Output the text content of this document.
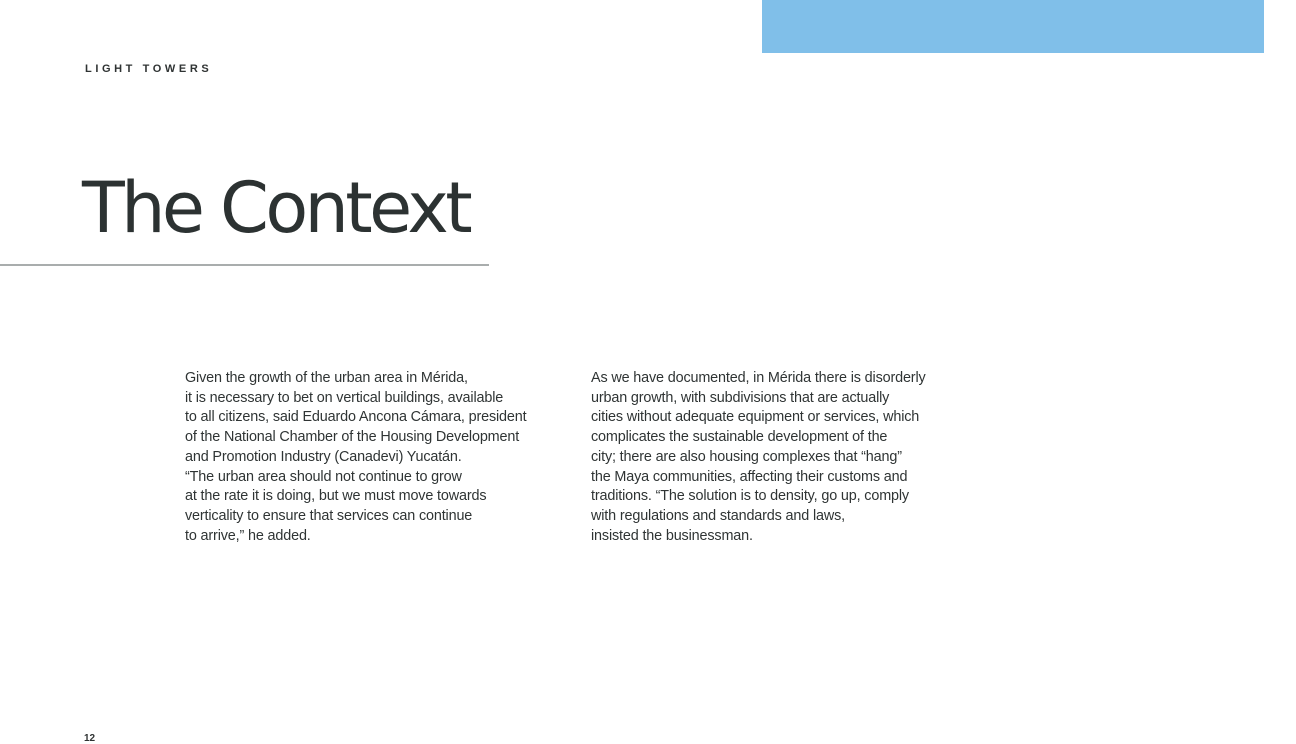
LIGHT TOWERS
The Context

Given the growth of the urban area in Mérida,
it is necessary to bet on vertical buildings, available
to all citizens, said Eduardo Ancona Cámara, president
of the National Chamber of the Housing Development
and Promotion Industry (Canadevi) Yucatán.
“The urban area should not continue to grow
at the rate it is doing, but we must move towards
verticality to ensure that services can continue
to arrive,” he added.

As we have documented, in Mérida there is disorderly
urban growth, with subdivisions that are actually
cities without adequate equipment or services, which
complicates the sustainable development of the
city; there are also housing complexes that “hang”
the Maya communities, affecting their customs and
traditions. “The solution is to density, go up, comply
with regulations and standards and laws,
insisted the businessman.

12
